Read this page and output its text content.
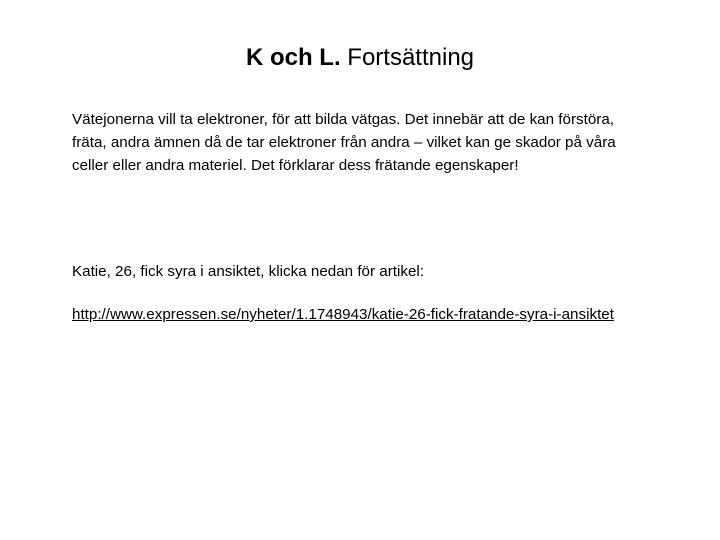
K och L. Fortsättning
Vätejonerna vill ta elektroner, för att bilda vätgas. Det innebär att de kan förstöra, fräta, andra ämnen då de tar elektroner från andra – vilket kan ge skador på våra celler eller andra materiel. Det förklarar dess frätande egenskaper!
Katie, 26, fick syra i ansiktet, klicka nedan för artikel:
http://www.expressen.se/nyheter/1.1748943/katie-26-fick-fratande-syra-i-ansiktet
